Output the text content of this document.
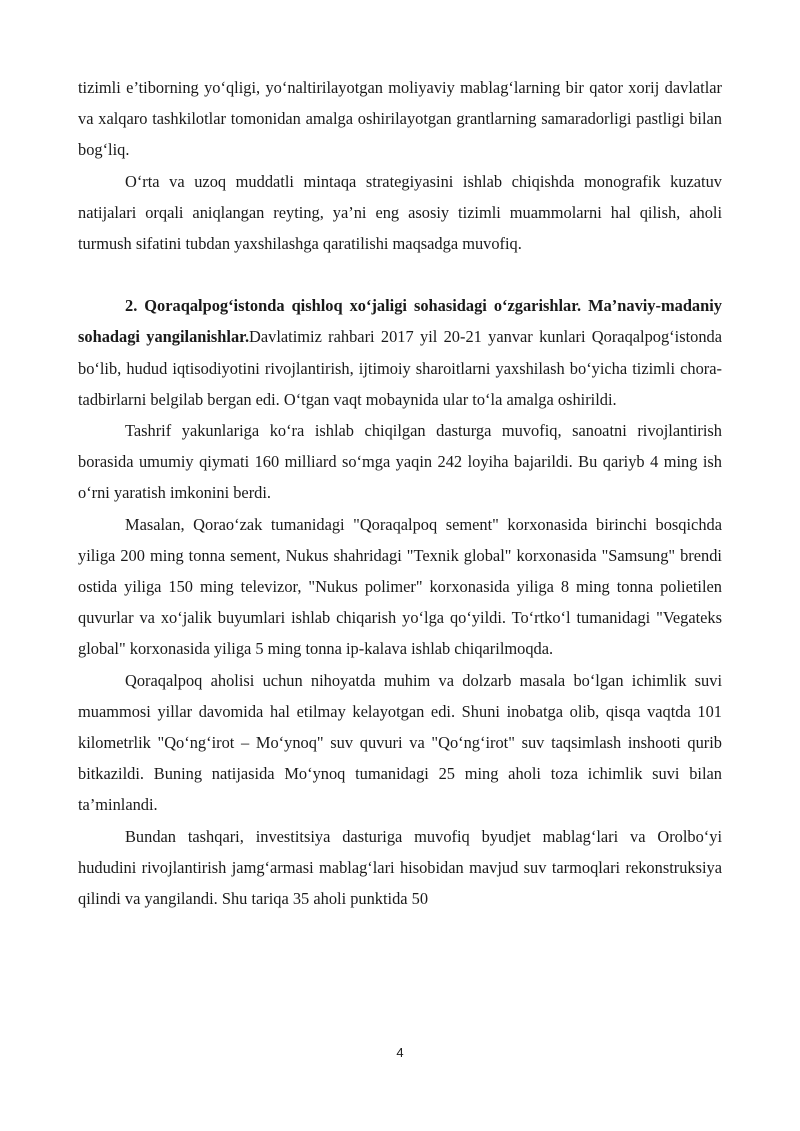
tizimli e’tiborning yo‘qligi, yo‘naltirilayotgan moliyaviy mablag‘larning bir qator xorij davlatlar va xalqaro tashkilotlar tomonidan amalga oshirilayotgan grantlarning samaradorligi pastligi bilan bog‘liq.

O‘rta va uzoq muddatli mintaqa strategiyasini ishlab chiqishda monografik kuzatuv natijalari orqali aniqlangan reyting, ya’ni eng asosiy tizimli muammolarni hal qilish, aholi turmush sifatini tubdan yaxshilashga qaratilishi maqsadga muvofiq.

2. Qoraqalpog‘istonda qishloq xo‘jaligi sohasidagi o‘zgarishlar. Ma’naviy-madaniy sohadagi yangilanishlar.Davlatimiz rahbari 2017 yil 20-21 yanvar kunlari Qoraqalpog‘istonda bo‘lib, hudud iqtisodiyotini rivojlantirish, ijtimoiy sharoitlarni yaxshilash bo‘yicha tizimli chora-tadbirlarni belgilab bergan edi. O‘tgan vaqt mobaynida ular to‘la amalga oshirildi.

Tashrif yakunlariga ko‘ra ishlab chiqilgan dasturga muvofiq, sanoatni rivojlantirish borasida umumiy qiymati 160 milliard so‘mga yaqin 242 loyiha bajarildi. Bu qariyb 4 ming ish o‘rni yaratish imkonini berdi.

Masalan, Qorao‘zak tumanidagi "Qoraqalpoq sement" korxonasida birinchi bosqichda yiliga 200 ming tonna sement, Nukus shahridagi "Texnik global" korxonasida "Samsung" brendi ostida yiliga 150 ming televizor, "Nukus polimer" korxonasida yiliga 8 ming tonna polietilen quvurlar va xo‘jalik buyumlari ishlab chiqarish yo‘lga qo‘yildi. To‘rtko‘l tumanidagi "Vegateks global" korxonasida yiliga 5 ming tonna ip-kalava ishlab chiqarilmoqda.

Qoraqalpoq aholisi uchun nihoyatda muhim va dolzarb masala bo‘lgan ichimlik suvi muammosi yillar davomida hal etilmay kelayotgan edi. Shuni inobatga olib, qisqa vaqtda 101 kilometrlik "Qo‘ng‘irot – Mo‘ynoq" suv quvuri va "Qo‘ng‘irot" suv taqsimlash inshooti qurib bitkazildi. Buning natijasida Mo‘ynoq tumanidagi 25 ming aholi toza ichimlik suvi bilan ta’minlandi.

Bundan tashqari, investitsiya dasturiga muvofiq byudjet mablag‘lari va Orolbo‘yi hududini rivojlantirish jamg‘armasi mablag‘lari hisobidan mavjud suv tarmoqlari rekonstruksiya qilindi va yangilandi. Shu tariqa 35 aholi punktida 50

4
